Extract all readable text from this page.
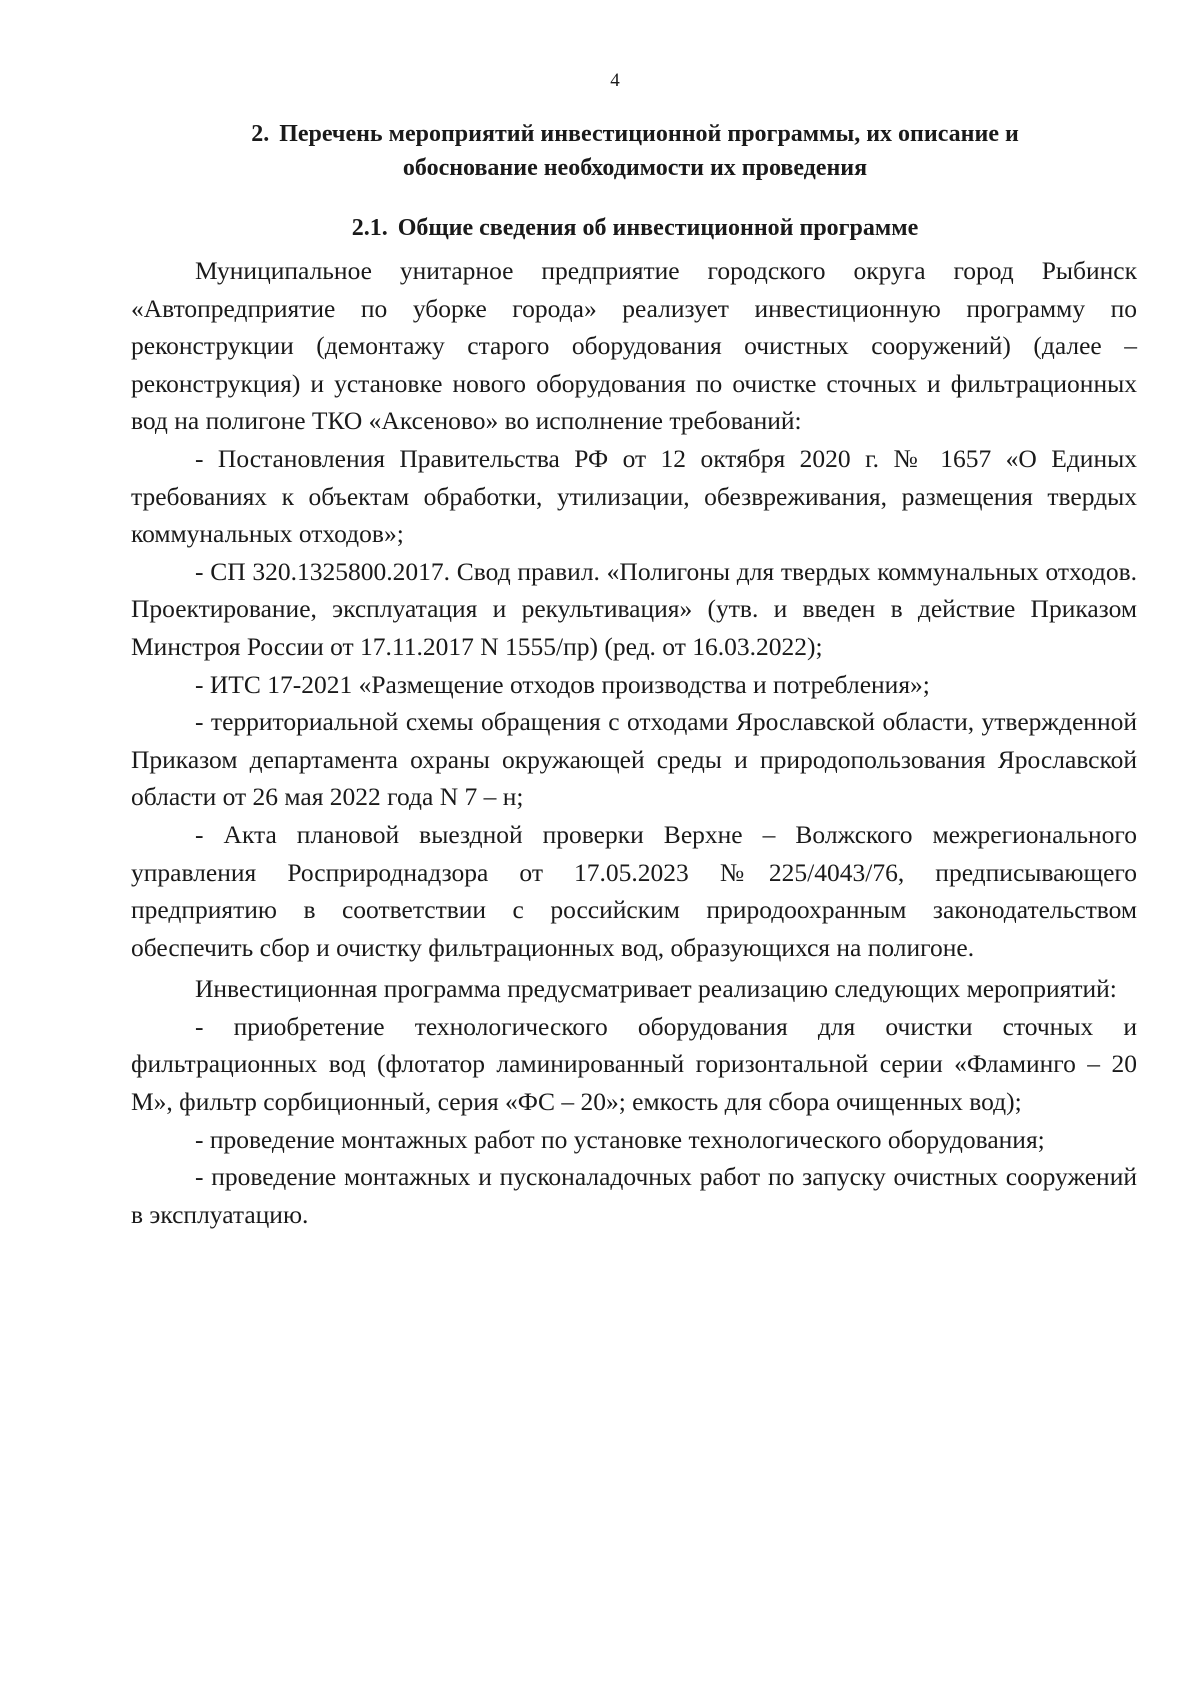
4
2. Перечень мероприятий инвестиционной программы, их описание и обоснование необходимости их проведения
2.1. Общие сведения об инвестиционной программе

Муниципальное унитарное предприятие городского округа город Рыбинск «Автопредприятие по уборке города» реализует инвестиционную программу по реконструкции (демонтажу старого оборудования очистных сооружений) (далее – реконструкция) и установке нового оборудования по очистке сточных и фильтрационных вод на полигоне ТКО «Аксеново» во исполнение требований:

- Постановления Правительства РФ от 12 октября 2020 г. № 1657 «О Единых требованиях к объектам обработки, утилизации, обезвреживания, размещения твердых коммунальных отходов»;

- СП 320.1325800.2017. Свод правил. «Полигоны для твердых коммунальных отходов. Проектирование, эксплуатация и рекультивация» (утв. и введен в действие Приказом Минстроя России от 17.11.2017 N 1555/пр) (ред. от 16.03.2022);

- ИТС 17-2021 «Размещение отходов производства и потребления»;

- территориальной схемы обращения с отходами Ярославской области, утвержденной Приказом департамента охраны окружающей среды и природопользования Ярославской области от 26 мая 2022 года N 7 – н;

- Акта плановой выездной проверки Верхне – Волжского межрегионального управления Росприроднадзора от 17.05.2023 №225/4043/76, предписывающего предприятию в соответствии с российским природоохранным законодательством обеспечить сбор и очистку фильтрационных вод, образующихся на полигоне.

Инвестиционная программа предусматривает реализацию следующих мероприятий:

- приобретение технологического оборудования для очистки сточных и фильтрационных вод (флотатор ламинированный горизонтальной серии «Фламинго – 20 М», фильтр сорбиционный, серия «ФС – 20»; емкость для сбора очищенных вод);

- проведение монтажных работ по установке технологического оборудования;

- проведение монтажных и пусконаладочных работ по запуску очистных сооружений в эксплуатацию.
